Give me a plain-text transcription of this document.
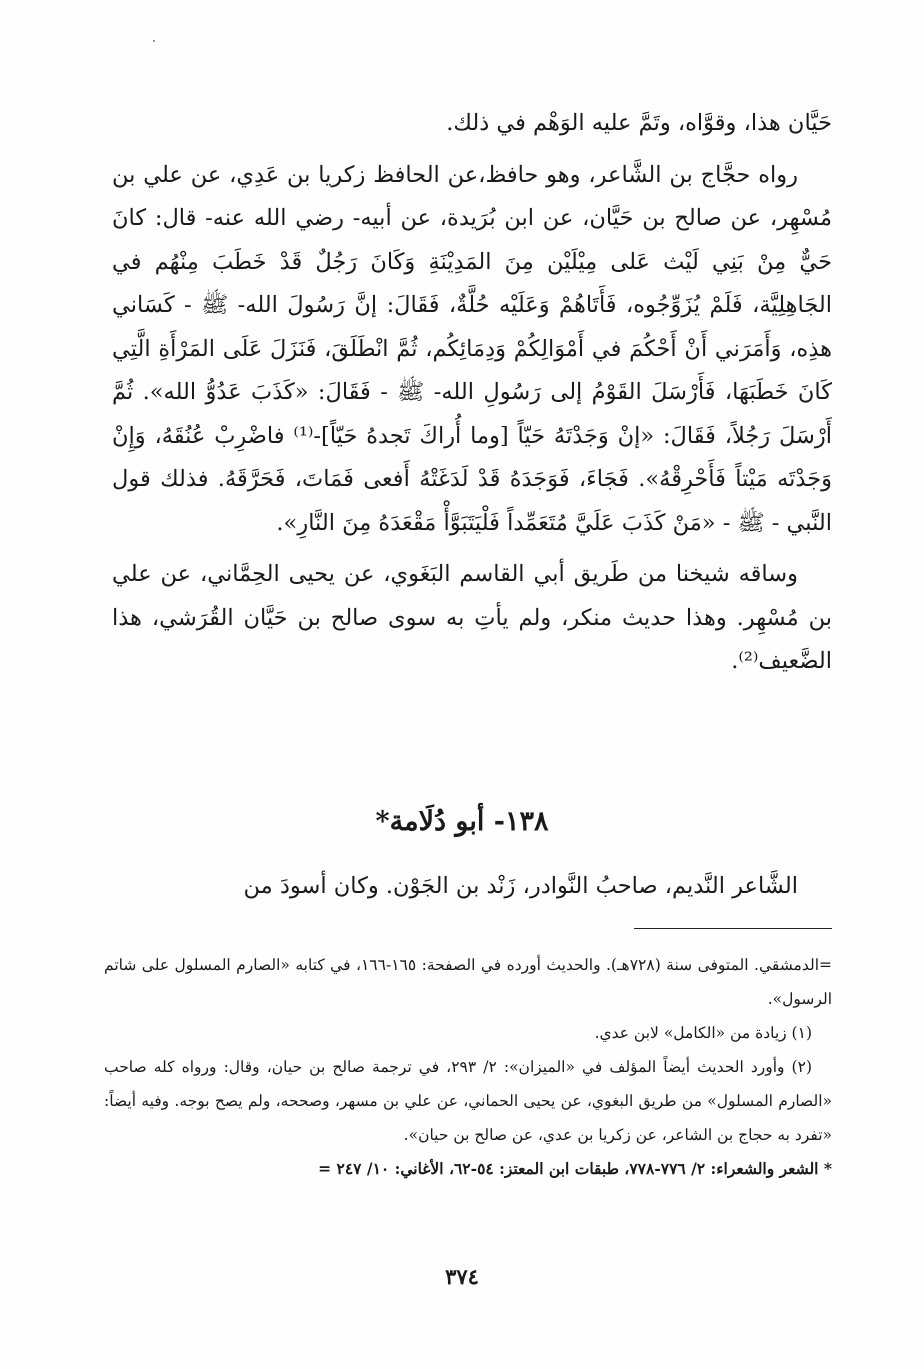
حَيَّان هذا، وقوَّاه، وتَمَّ عليه الوَهْم في ذلك.

رواه حجَّاج بن الشَّاعر، وهو حافظ،عن الحافظ زكريا بن عَدِي، عن علي بن مُسْهِر، عن صالح بن حَيَّان، عن ابن بُرَيدة، عن أبيه- رضي الله عنه- قال: كانَ حَيٌّ مِنْ بَنِي لَيْث عَلى مِيْلَيْن مِنَ المَدِيْنَةِ وَكَانَ رَجُلٌ قَدْ خَطَبَ مِنْهُم في الجَاهِلِيَّة، فَلَمْ يُزَوِّجُوه، فَأَتَاهُمْ وَعَلَيْه حُلَّةٌ، فَقَالَ: إنَّ رَسُولَ الله- ﷺ - كَسَاني هذِه، وَأَمَرَني أَنْ أَحْكُمَ في أَمْوَالِكُمْ وَدِمَائِكُم، ثُمَّ انْطَلَقَ، فَنَزَلَ عَلَى المَرْأَةِ الَّتِي كَانَ خَطَبَهَا، فَأَرْسَلَ القَوْمُ إلى رَسُولِ الله- ﷺ - فَقَالَ: «كَذَبَ عَدُوُّ الله». ثُمَّ أَرْسَلَ رَجُلاً، فَقَالَ: «إنْ وَجَدْتَهُ حَيّاً [وما أُراكَ تَجدهُ حَيّاً]-⁽¹⁾ فاضْرِبْ عُنُقَهُ، وَإِنْ وَجَدْتَه مَيْتاً فَأَحْرِقْهُ». فَجَاءَ، فَوَجَدَهُ قَدْ لَدَغَتْهُ أَفعى فَمَاتَ، فَحَرَّقَهُ. فذلك قول النَّبي - ﷺ - «مَنْ كَذَبَ عَلَيَّ مُتَعَمِّداً فَلْيَتَبَوَّأْ مَقْعَدَهُ مِنَ النَّارِ».

وساقه شيخنا من طَريق أبي القاسم البَغَوي، عن يحيى الحِمَّاني، عن علي بن مُسْهِر. وهذا حديث منكر، ولم يأتِ به سوى صالح بن حَيَّان القُرَشي، هذا الضَّعيف⁽²⁾.

١٣٨- أبو دُلَامة*
الشَّاعر النَّديم، صاحبُ النَّوادر، زَنْد بن الجَوْن. وكان أسودَ من

=الدمشقي. المتوفى سنة (٧٢٨هـ). والحديث أورده في الصفحة: ١٦٥-١٦٦، في كتابه «الصارم المسلول على شاتم الرسول».

(١) زيادة من «الكامل» لابن عدي.

(٢) وأورد الحديث أيضاً المؤلف في «الميزان»: ٢/ ٢٩٣، في ترجمة صالح بن حيان، وقال: ورواه كله صاحب «الصارم المسلول» من طريق البغوي، عن يحيى الحماني، عن علي بن مسهر، وصححه، ولم يصح بوجه. وفيه أيضاً: «تفرد به حجاج بن الشاعر، عن زكريا بن عدي، عن صالح بن حيان».

* الشعر والشعراء: ٢/ ٧٧٦-٧٧٨، طبقات ابن المعتز: ٥٤-٦٢، الأغاني: ١٠/ ٢٤٧ =

٣٧٤
